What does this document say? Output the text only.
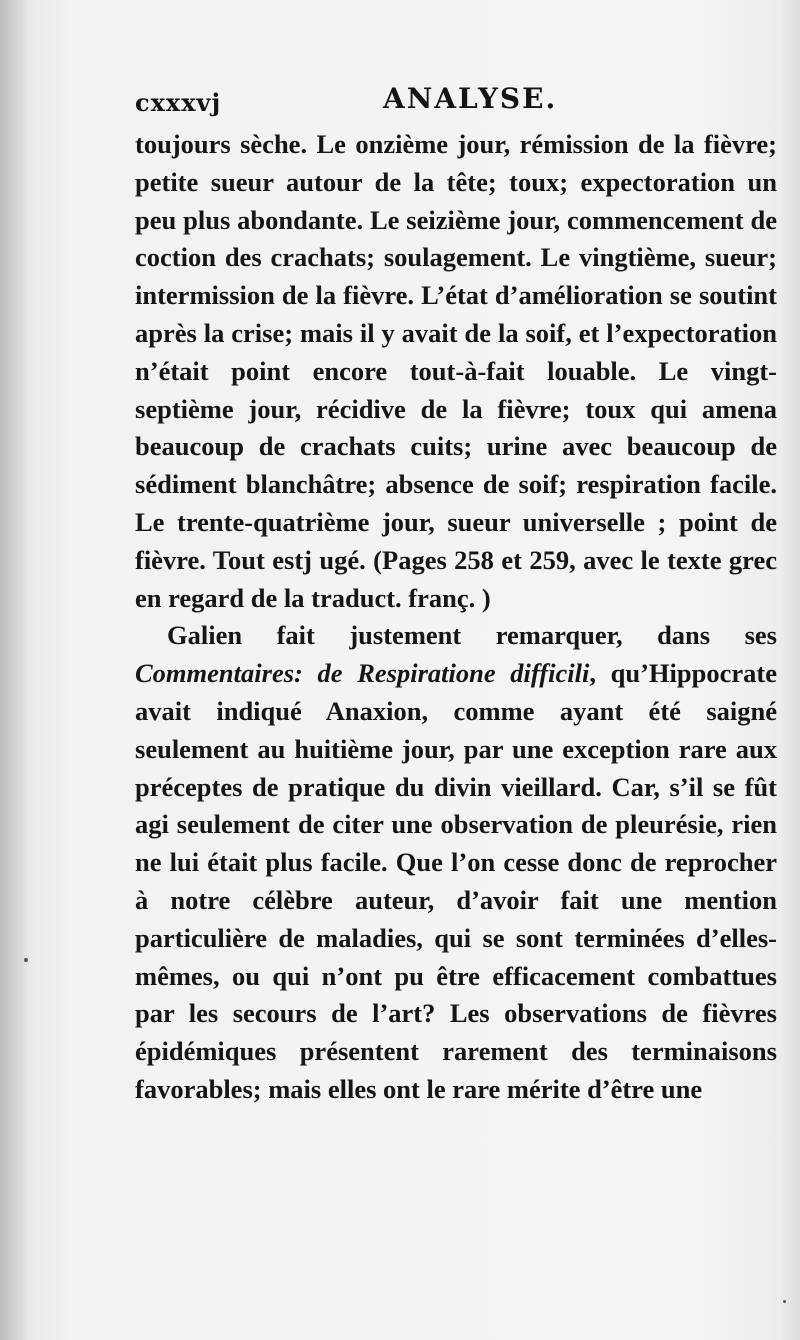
cxxxvj	ANALYSE.

toujours sèche. Le onzième jour, rémission de la fièvre; petite sueur autour de la tête; toux; expectoration un peu plus abondante. Le seizième jour, commencement de coction des crachats; soulagement. Le vingtième, sueur; intermission de la fièvre. L’état d’amélioration se soutint après la crise; mais il y avait de la soif, et l’expectoration n’était point encore tout-à-fait louable. Le vingt-septième jour, récidive de la fièvre; toux qui amena beaucoup de crachats cuits; urine avec beaucoup de sédiment blanchâtre; absence de soif; respiration facile. Le trente-quatrième jour, sueur universelle ; point de fièvre. Tout estj ugé. (Pages 258 et 259, avec le texte grec en regard de la traduct. franç. )

Galien fait justement remarquer, dans ses Commentaires: de Respiratione difficili, qu’Hippocrate avait indiqué Anaxion, comme ayant été saigné seulement au huitième jour, par une exception rare aux préceptes de pratique du divin vieillard. Car, s’il se fût agi seulement de citer une observation de pleurésie, rien ne lui était plus facile. Que l’on cesse donc de reprocher à notre célèbre auteur, d’avoir fait une mention particulière de maladies, qui se sont terminées d’elles-mêmes, ou qui n’ont pu être efficacement combattues par les secours de l’art? Les observations de fièvres épidémiques présentent rarement des terminaisons favorables; mais elles ont le rare mérite d’être une
